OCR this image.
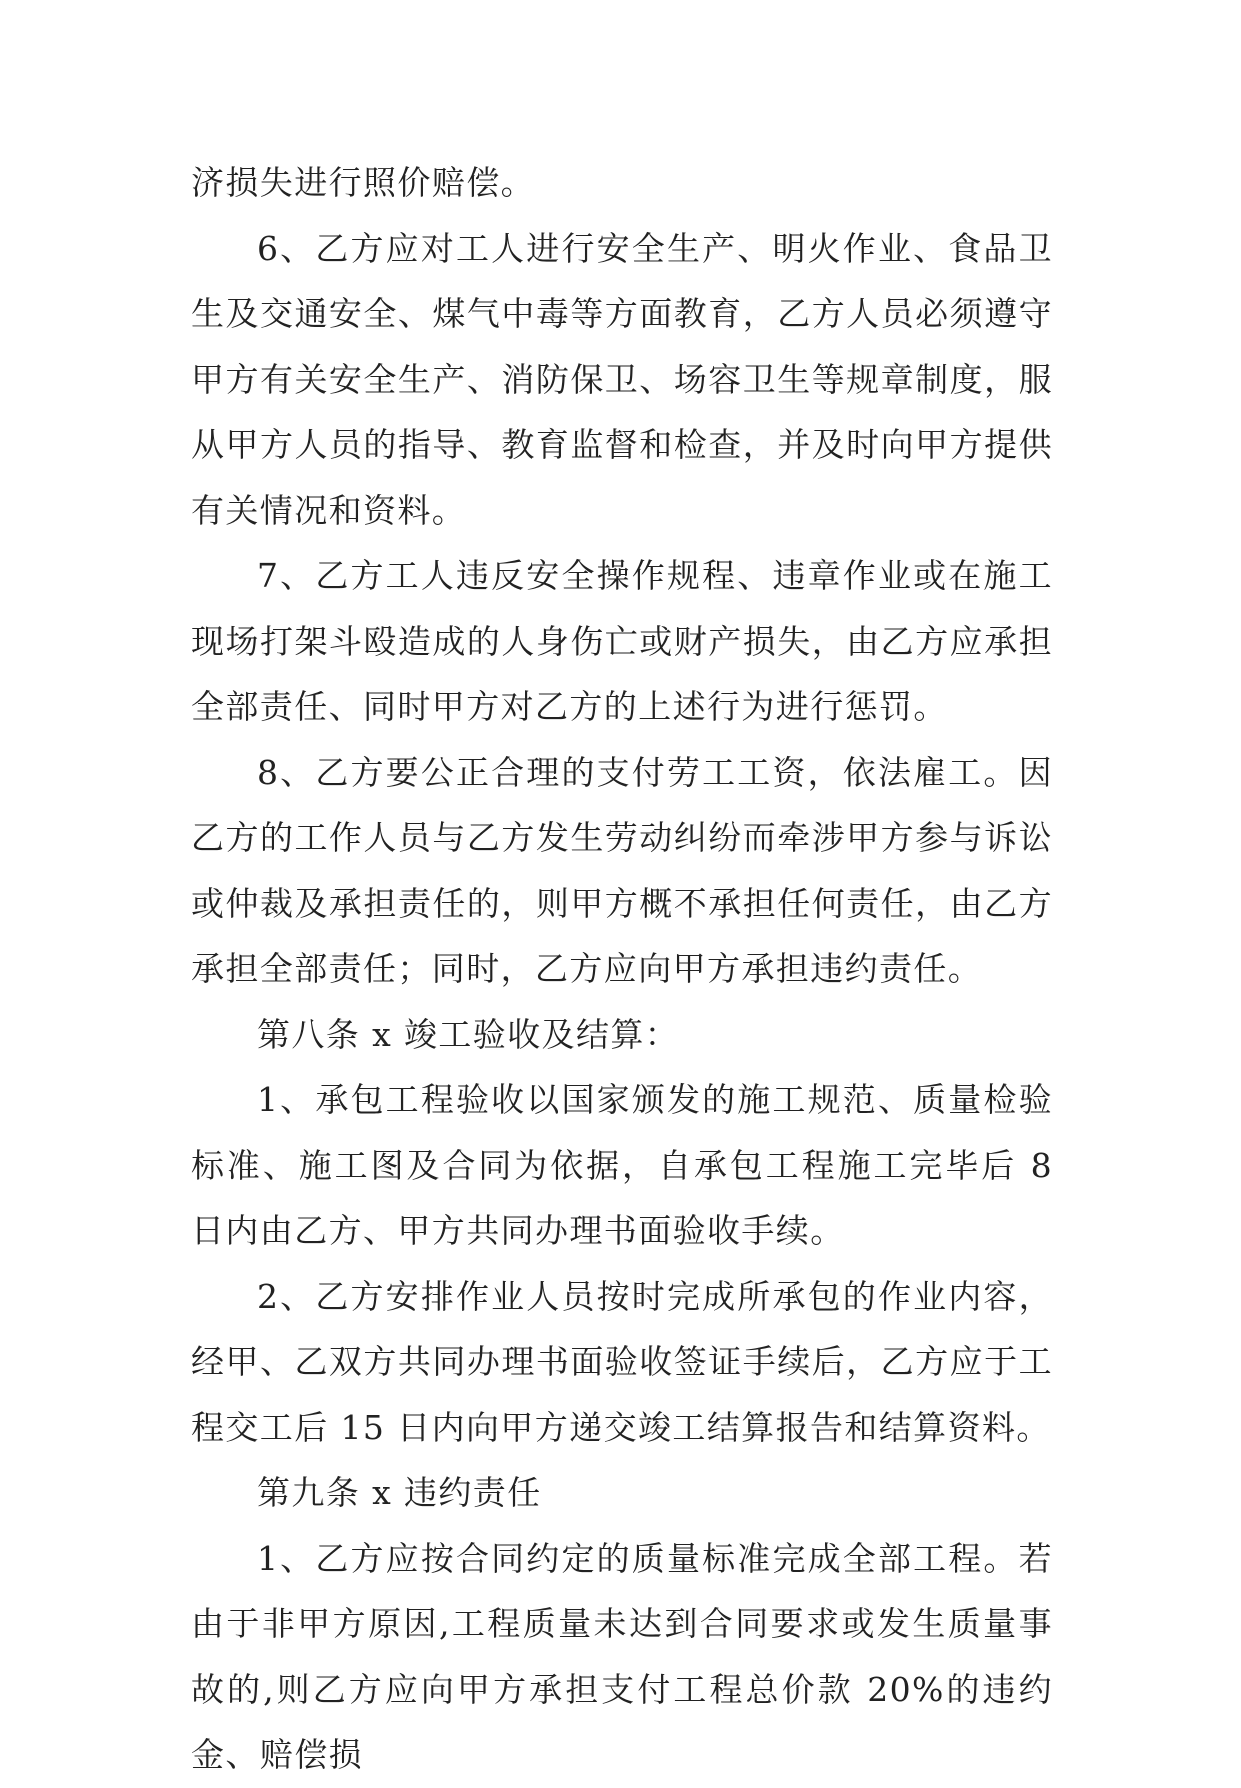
济损失进行照价赔偿。

6、乙方应对工人进行安全生产、明火作业、食品卫生及交通安全、煤气中毒等方面教育，乙方人员必须遵守甲方有关安全生产、消防保卫、场容卫生等规章制度，服从甲方人员的指导、教育监督和检查，并及时向甲方提供有关情况和资料。

7、乙方工人违反安全操作规程、违章作业或在施工现场打架斗殴造成的人身伤亡或财产损失，由乙方应承担全部责任、同时甲方对乙方的上述行为进行惩罚。

8、乙方要公正合理的支付劳工工资，依法雇工。因乙方的工作人员与乙方发生劳动纠纷而牵涉甲方参与诉讼或仲裁及承担责任的，则甲方概不承担任何责任，由乙方承担全部责任；同时，乙方应向甲方承担违约责任。

第八条 x 竣工验收及结算：

1、承包工程验收以国家颁发的施工规范、质量检验标准、施工图及合同为依据，自承包工程施工完毕后 8 日内由乙方、甲方共同办理书面验收手续。

2、乙方安排作业人员按时完成所承包的作业内容，经甲、乙双方共同办理书面验收签证手续后，乙方应于工程交工后 15 日内向甲方递交竣工结算报告和结算资料。

第九条 x 违约责任

1、乙方应按合同约定的质量标准完成全部工程。若由于非甲方原因,工程质量未达到合同要求或发生质量事故的,则乙方应向甲方承担支付工程总价款 20%的违约金、赔偿损
